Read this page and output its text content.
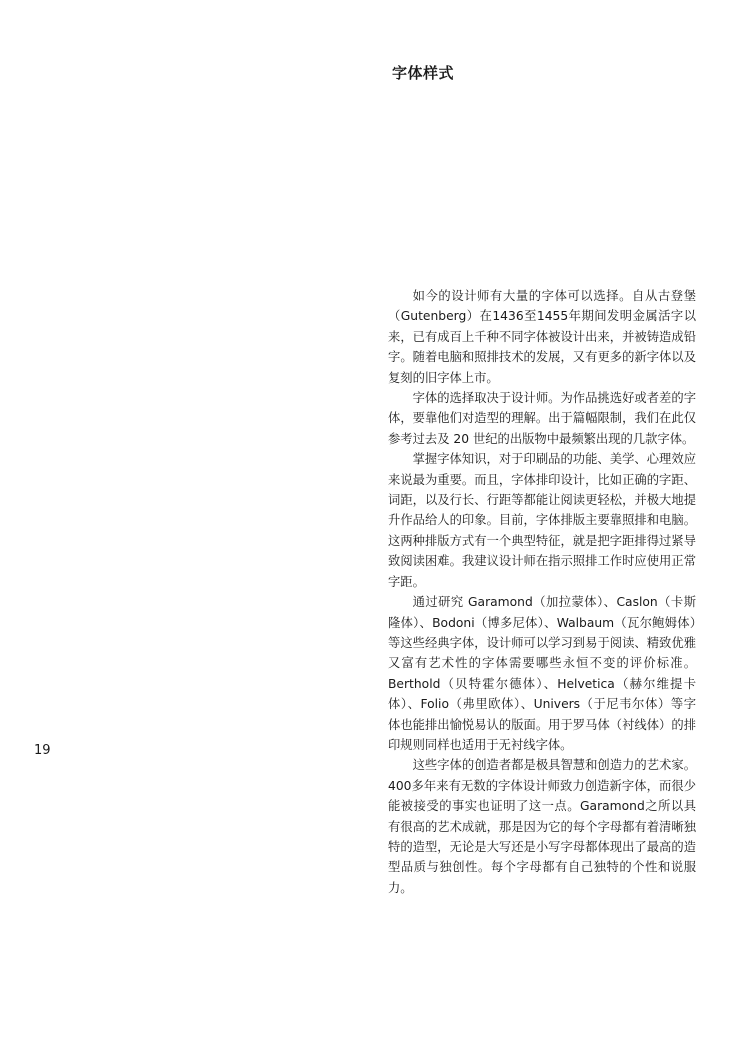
字体样式

如今的设计师有大量的字体可以选择。自从古登堡（Gutenberg）在1436至1455年期间发明金属活字以来，已有成百上千种不同字体被设计出来，并被铸造成铅字。随着电脑和照排技术的发展，又有更多的新字体以及复刻的旧字体上市。

字体的选择取决于设计师。为作品挑选好或者差的字体，要靠他们对造型的理解。出于篇幅限制，我们在此仅参考过去及 20 世纪的出版物中最频繁出现的几款字体。

掌握字体知识，对于印刷品的功能、美学、心理效应来说最为重要。而且，字体排印设计，比如正确的字距、词距，以及行长、行距等都能让阅读更轻松，并极大地提升作品给人的印象。目前，字体排版主要靠照排和电脑。这两种排版方式有一个典型特征，就是把字距排得过紧导致阅读困难。我建议设计师在指示照排工作时应使用正常字距。

通过研究 Garamond（加拉蒙体）、Caslon（卡斯隆体）、Bodoni（博多尼体）、Walbaum（瓦尔鲍姆体）等这些经典字体，设计师可以学习到易于阅读、精致优雅又富有艺术性的字体需要哪些永恒不变的评价标准。Berthold（贝特霍尔德体）、Helvetica（赫尔维提卡体）、Folio（弗里欧体）、Univers（于尼韦尔体）等字体也能排出愉悦易认的版面。用于罗马体（衬线体）的排印规则同样也适用于无衬线字体。

这些字体的创造者都是极具智慧和创造力的艺术家。400多年来有无数的字体设计师致力创造新字体，而很少能被接受的事实也证明了这一点。Garamond之所以具有很高的艺术成就，那是因为它的每个字母都有着清晰独特的造型，无论是大写还是小写字母都体现出了最高的造型品质与独创性。每个字母都有自己独特的个性和说服力。

19
